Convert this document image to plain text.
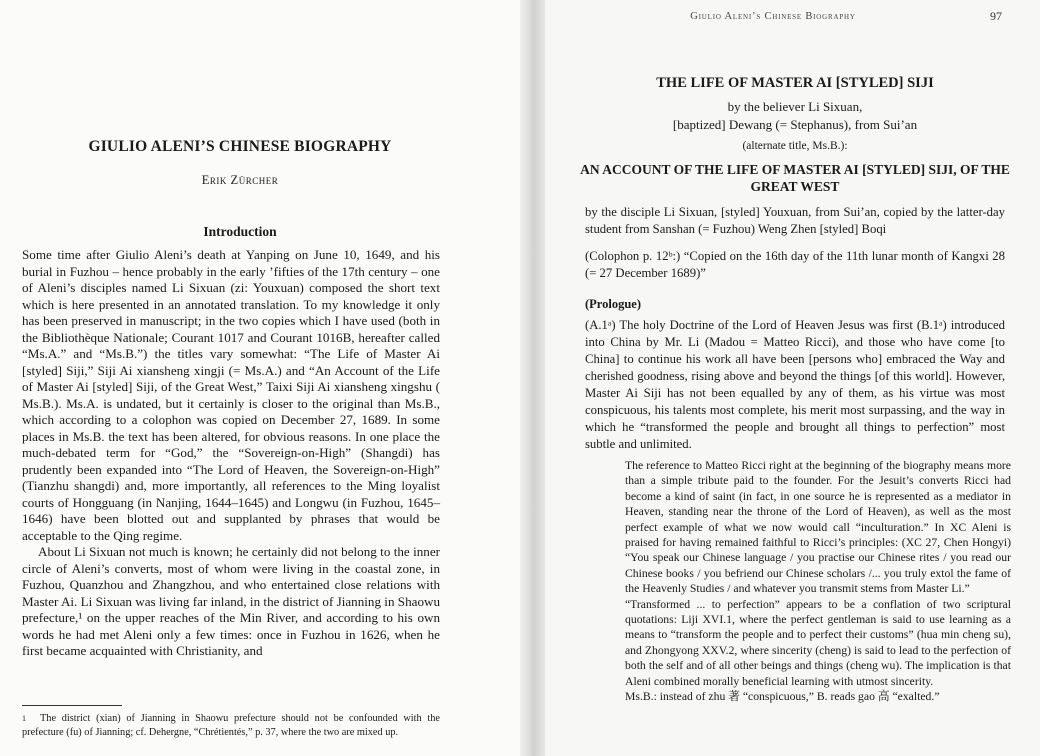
GIULIO ALENI’S CHINESE BIOGRAPHY
Erik Zürcher
Introduction

Some time after Giulio Aleni’s death at Yanping on June 10, 1649, and his burial in Fuzhou – hence probably in the early ’fifties of the 17th century – one of Aleni’s disciples named Li Sixuan (zi: Youxuan) composed the short text which is here presented in an annotated translation. To my knowledge it only has been preserved in manuscript; in the two copies which I have used (both in the Bibliothèque Nationale; Courant 1017 and Courant 1016B, hereafter called “Ms.A.” and “Ms.B.”) the titles vary somewhat: “The Life of Master Ai [styled] Siji,” Siji Ai xiansheng xingji (= Ms.A.) and “An Account of the Life of Master Ai [styled] Siji, of the Great West,” Taixi Siji Ai xiansheng xingshu ( Ms.B.). Ms.A. is undated, but it certainly is closer to the original than Ms.B., which according to a colophon was copied on December 27, 1689. In some places in Ms.B. the text has been altered, for obvious reasons. In one place the much-debated term for “God,” the “Sovereign-on-High” (Shangdi) has prudently been expanded into “The Lord of Heaven, the Sovereign-on-High” (Tianzhu shangdi) and, more importantly, all references to the Ming loyalist courts of Hongguang (in Nanjing, 1644–1645) and Longwu (in Fuzhou, 1645–1646) have been blotted out and supplanted by phrases that would be acceptable to the Qing regime.

About Li Sixuan not much is known; he certainly did not belong to the inner circle of Aleni’s converts, most of whom were living in the coastal zone, in Fuzhou, Quanzhou and Zhangzhou, and who entertained close relations with Master Ai. Li Sixuan was living far inland, in the district of Jianning in Shaowu prefecture,¹ on the upper reaches of the Min River, and according to his own words he had met Aleni only a few times: once in Fuzhou in 1626, when he first became acquainted with Christianity, and

1 The district (xian) of Jianning in Shaowu prefecture should not be confounded with the prefecture (fu) of Jianning; cf. Dehergne, “Chrétientés,” p. 37, where the two are mixed up.
Giulio Aleni’s Chinese Biography	97
THE LIFE OF MASTER AI [STYLED] SIJI
by the believer Li Sixuan,
[baptized] Dewang (= Stephanus), from Sui’an
(alternate title, Ms.B.):
AN ACCOUNT OF THE LIFE OF MASTER AI [STYLED] SIJI, OF THE GREAT WEST

by the disciple Li Sixuan, [styled] Youxuan, from Sui’an, copied by the latter-day student from Sanshan (= Fuzhou) Weng Zhen [styled] Boqi

(Colophon p. 12ᵇ:) “Copied on the 16th day of the 11th lunar month of Kangxi 28 (= 27 December 1689)”

(Prologue)

(A.1ᵃ) The holy Doctrine of the Lord of Heaven Jesus was first (B.1ᵃ) introduced into China by Mr. Li (Madou = Matteo Ricci), and those who have come [to China] to continue his work all have been [persons who] embraced the Way and cherished goodness, rising above and beyond the things [of this world]. However, Master Ai Siji has not been equalled by any of them, as his virtue was most conspicuous, his talents most complete, his merit most surpassing, and the way in which he “transformed the people and brought all things to perfection” most subtle and unlimited.

The reference to Matteo Ricci right at the beginning of the biography means more than a simple tribute paid to the founder. For the Jesuit’s converts Ricci had become a kind of saint (in fact, in one source he is represented as a mediator in Heaven, standing near the throne of the Lord of Heaven), as well as the most perfect example of what we now would call “inculturation.” In XC Aleni is praised for having remained faithful to Ricci’s principles: (XC 27, Chen Hongyi) “You speak our Chinese language / you practise our Chinese rites / you read our Chinese books / you befriend our Chinese scholars /... you truly extol the fame of the Heavenly Studies / and whatever you transmit stems from Master Li.”

“Transformed ... to perfection” appears to be a conflation of two scriptural quotations: Liji XVI.1, where the perfect gentleman is said to use learning as a means to “transform the people and to perfect their customs” (hua min cheng su), and Zhongyong XXV.2, where sincerity (cheng) is said to lead to the perfection of both the self and of all other beings and things (cheng wu). The implication is that Aleni combined morally beneficial learning with utmost sincerity.

Ms.B.: instead of zhu 著 “conspicuous,” B. reads gao 高 “exalted.”
